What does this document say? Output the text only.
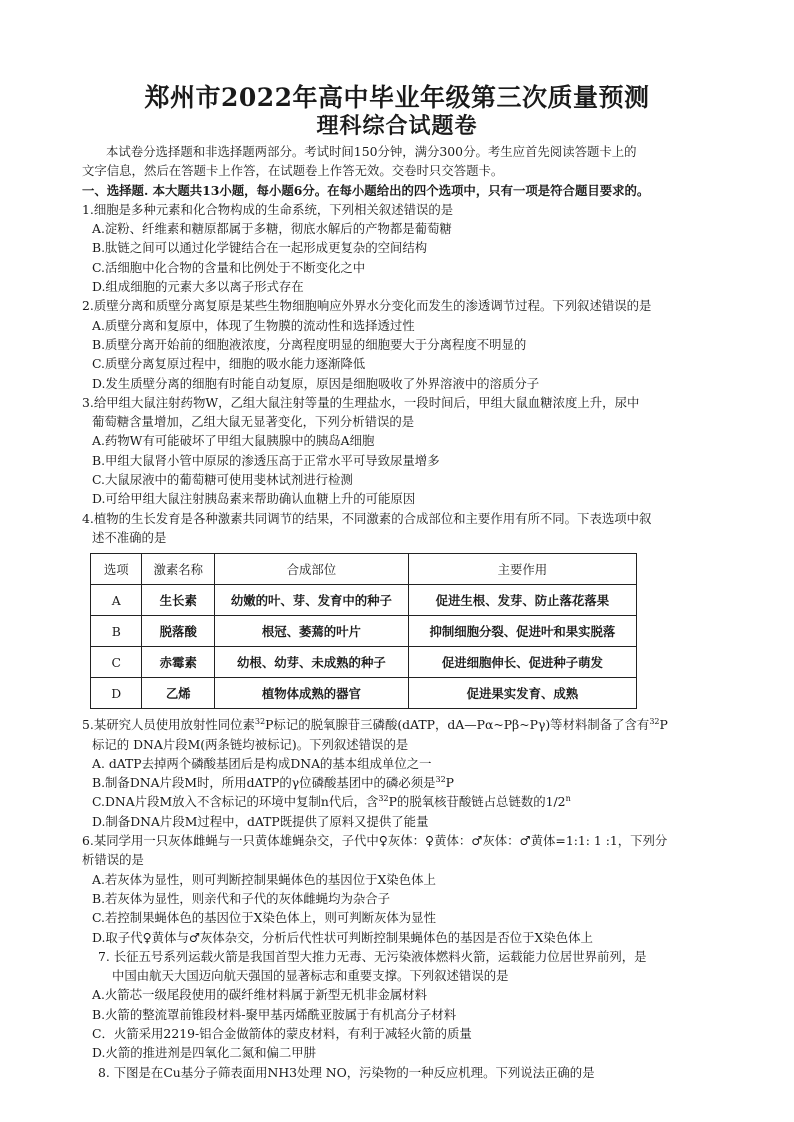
郑州市2022年高中毕业年级第三次质量预测
理科综合试题卷
本试卷分选择题和非选择题两部分。考试时间150分钟，满分300分。考生应首先阅读答题卡上的
文字信息，然后在答题卡上作答，在试题卷上作答无效。交卷时只交答题卡。
一、选择题. 本大题共13小题，每小题6分。在每小题给出的四个选项中，只有一项是符合题目要求的。
1.细胞是多种元素和化合物构成的生命系统，下列相关叙述错误的是
A.淀粉、纤维素和糖原都属于多糖，彻底水解后的产物都是葡萄糖
B.肽链之间可以通过化学键结合在一起形成更复杂的空间结构
C.活细胞中化合物的含量和比例处于不断变化之中
D.组成细胞的元素大多以离子形式存在
2.质壁分离和质壁分离复原是某些生物细胞响应外界水分变化而发生的渗透调节过程。下列叙述错误的是
A.质壁分离和复原中，体现了生物膜的流动性和选择透过性
B.质壁分离开始前的细胞液浓度，分离程度明显的细胞要大于分离程度不明显的
C.质壁分离复原过程中，细胞的吸水能力逐渐降低
D.发生质壁分离的细胞有时能自动复原，原因是细胞吸收了外界溶液中的溶质分子
3.给甲组大鼠注射药物W，乙组大鼠注射等量的生理盐水，一段时间后，甲组大鼠血糖浓度上升，尿中
葡萄糖含量增加，乙组大鼠无显著变化，下列分析错误的是
A.药物W有可能破坏了甲组大鼠胰腺中的胰岛A细胞
B.甲组大鼠肾小管中原尿的渗透压高于正常水平可导致尿量增多
C.大鼠尿液中的葡萄糖可使用斐林试剂进行检测
D.可给甲组大鼠注射胰岛素来帮助确认血糖上升的可能原因
4.植物的生长发育是各种激素共同调节的结果，不同激素的合成部位和主要作用有所不同。下表选项中叙
述不准确的是
选项	激素名称	合成部位	主要作用
A	生长素	幼嫩的叶、芽、发育中的种子	促进生根、发芽、防止落花落果
B	脱落酸	根冠、萎蔫的叶片	抑制细胞分裂、促进叶和果实脱落
C	赤霉素	幼根、幼芽、未成熟的种子	促进细胞伸长、促进种子萌发
D	乙烯	植物体成熟的器官	促进果实发育、成熟
5.某研究人员使用放射性同位素$^{32}$P标记的脱氧腺苷三磷酸(dATP，dA—Pα~Pβ~Pγ)等材料制备了含有$^{32}$P
标记的 DNA片段M(两条链均被标记)。下列叙述错误的是
A. dATP去掉两个磷酸基团后是构成DNA的基本组成单位之一
B.制备DNA片段M时，所用dATP的γ位磷酸基团中的磷必须是$^{32}$P
C.DNA片段M放入不含标记的环境中复制n代后，含$^{32}$P的脱氧核苷酸链占总链数的1/2$^n$
D.制备DNA片段M过程中，dATP既提供了原料又提供了能量
6.某同学用一只灰体雌蝇与一只黄体雄蝇杂交，子代中♀灰体：♀黄体：♂灰体：♂黄体=1:1: 1 :1，下列分
析错误的是
A.若灰体为显性，则可判断控制果蝇体色的基因位于X染色体上
B.若灰体为显性，则亲代和子代的灰体雌蝇均为杂合子
C.若控制果蝇体色的基因位于X染色体上，则可判断灰体为显性
D.取子代♀黄体与♂灰体杂交，分析后代性状可判断控制果蝇体色的基因是否位于X染色体上
7. 长征五号系列运载火箭是我国首型大推力无毒、无污染液体燃料火箭，运载能力位居世界前列，是
中国由航天大国迈向航天强国的显著标志和重要支撑。下列叙述错误的是
A.火箭芯一级尾段使用的碳纤维材料属于新型无机非金属材料
B.火箭的整流罩前锥段材料-聚甲基丙烯酰亚胺属于有机高分子材料
C．火箭采用2219-铝合金做箭体的蒙皮材料，有利于减轻火箭的质量
D.火箭的推进剂是四氧化二氮和偏二甲肼
8. 下图是在Cu基分子筛表面用NH3处理 NO，污染物的一种反应机理。下列说法正确的是
